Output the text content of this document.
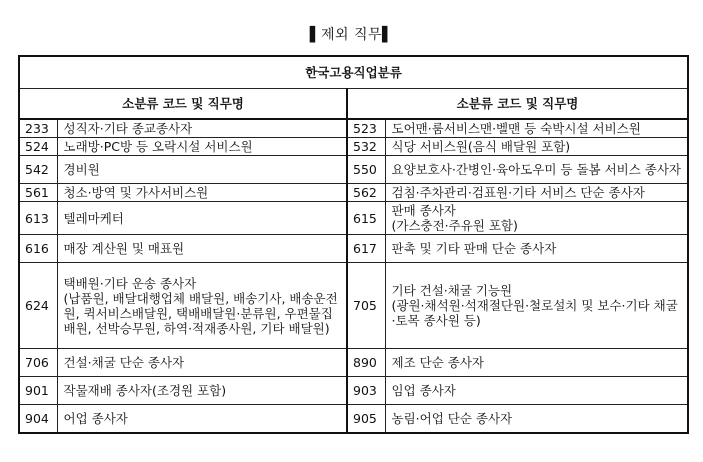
▌제외 직무▌
한국고용직업분류			
소분류 코드 및 직무명		소분류 코드 및 직무명	
233	성직자·기타 종교종사자	523	도어맨·룸서비스맨·벨맨 등 숙박시설 서비스원
524	노래방·PC방 등 오락시설 서비스원	532	식당 서비스원(음식 배달원 포함)
542	경비원	550	요양보호사·간병인·육아도우미 등 돌봄 서비스 종사자
561	청소·방역 및 가사서비스원	562	검침·주차관리·검표원·기타 서비스 단순 종사자
613	텔레마케터	615	판매 종사자
(가스충전·주유원 포함)
616	매장 계산원 및 매표원	617	판촉 및 기타 판매 단순 종사자
624	택배원·기타 운송 종사자
(납품원, 배달대행업체 배달원, 배송기사, 배송운전원, 퀵서비스배달원, 택배배달원·분류원, 우편물집배원, 선박승무원, 하역·적재종사원, 기타 배달원)	705	기타 건설·채굴 기능원
(광원·채석원·석재절단원·철로설치 및 보수·기타 채굴·토목 종사원 등)
706	건설·채굴 단순 종사자	890	제조 단순 종사자
901	작물재배 종사자(조경원 포함)	903	임업 종사자
904	어업 종사자	905	농림·어업 단순 종사자
